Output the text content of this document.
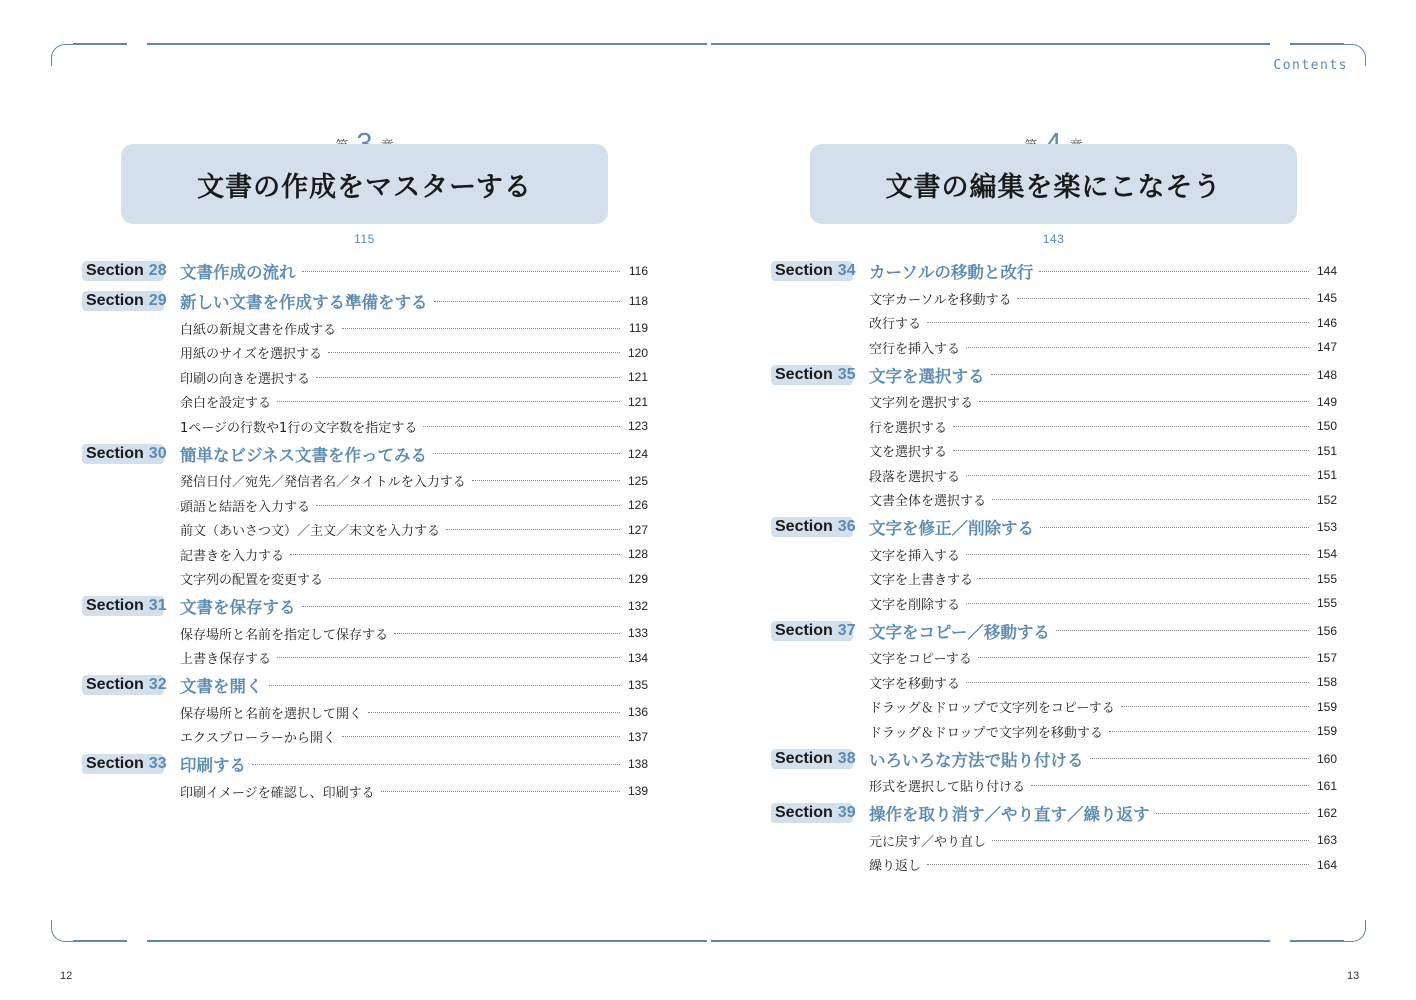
Contents
文書の作成をマスターする
115
文書の編集を楽にこなそう
143
Section 28 文書作成の流れ	116
Section 29 新しい文書を作成する準備をする	118
白紙の新規文書を作成する	119
用紙のサイズを選択する	120
印刷の向きを選択する	121
余白を設定する	121
1ページの行数や1行の文字数を指定する	123
Section 30 簡単なビジネス文書を作ってみる	124
発信日付／宛先／発信者名／タイトルを入力する	125
頭語と結語を入力する	126
前文（あいさつ文）／主文／末文を入力する	127
記書きを入力する	128
文字列の配置を変更する	129
Section 31 文書を保存する	132
保存場所と名前を指定して保存する	133
上書き保存する	134
Section 32 文書を開く	135
保存場所と名前を選択して開く	136
エクスプローラーから開く	137
Section 33 印刷する	138
印刷イメージを確認し、印刷する	139
Section 34 カーソルの移動と改行	144
文字カーソルを移動する	145
改行する	146
空行を挿入する	147
Section 35 文字を選択する	148
文字列を選択する	149
行を選択する	150
文を選択する	151
段落を選択する	151
文書全体を選択する	152
Section 36 文字を修正／削除する	153
文字を挿入する	154
文字を上書きする	155
文字を削除する	155
Section 37 文字をコピー／移動する	156
文字をコピーする	157
文字を移動する	158
ドラッグ＆ドロップで文字列をコピーする	159
ドラッグ＆ドロップで文字列を移動する	159
Section 38 いろいろな方法で貼り付ける	160
形式を選択して貼り付ける	161
Section 39 操作を取り消す／やり直す／繰り返す	162
元に戻す／やり直し	163
繰り返し	164
12	13
